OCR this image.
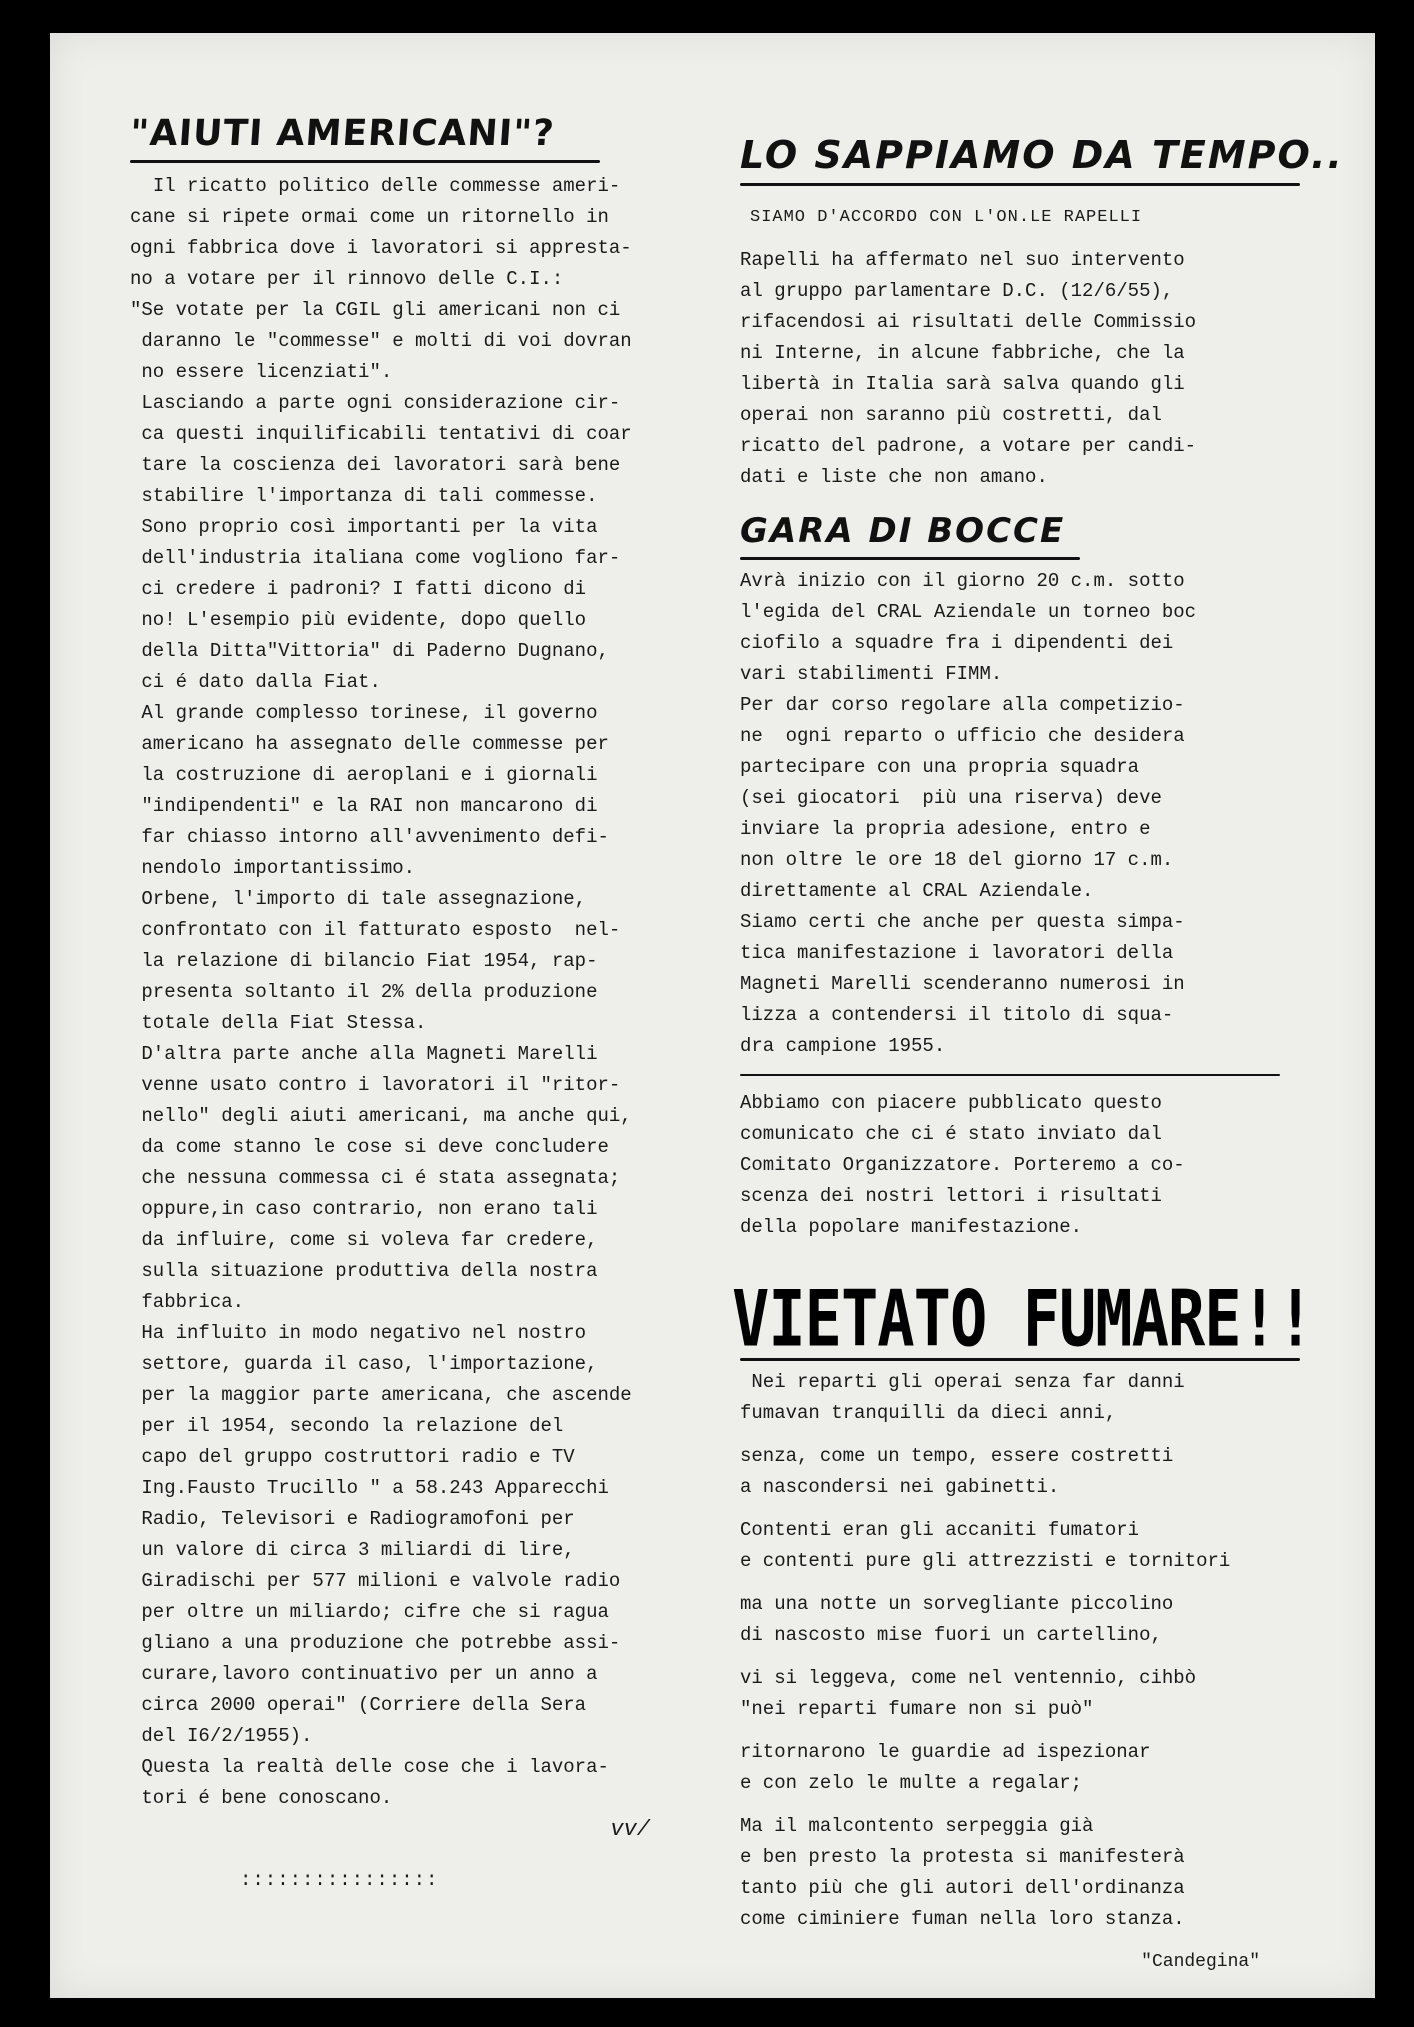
"AIUTI AMERICANI"?
Il ricatto politico delle commesse ameri-
cane si ripete ormai come un ritornello in
ogni fabbrica dove i lavoratori si appresta-
no a votare per il rinnovo delle C.I.:
"Se votate per la CGIL gli americani non ci
daranno le "commesse" e molti di voi dovran
no essere licenziati".
Lasciando a parte ogni considerazione cir-
ca questi inquilificabili tentativi di coar
tare la coscienza dei lavoratori sarà bene
stabilire l'importanza di tali commesse.
Sono proprio così importanti per la vita
dell'industria italiana come vogliono far-
ci credere i padroni? I fatti dicono di
no! L'esempio più evidente, dopo quello
della Ditta"Vittoria" di Paderno Dugnano,
ci é dato dalla Fiat.
Al grande complesso torinese, il governo
americano ha assegnato delle commesse per
la costruzione di aeroplani e i giornali
"indipendenti" e la RAI non mancarono di
far chiasso intorno all'avvenimento defi-
nendolo importantissimo.
Orbene, l'importo di tale assegnazione,
confrontato con il fatturato esposto  nel-
la relazione di bilancio Fiat 1954, rap-
presenta soltanto il 2% della produzione
totale della Fiat Stessa.
D'altra parte anche alla Magneti Marelli
venne usato contro i lavoratori il "ritor-
nello" degli aiuti americani, ma anche qui,
da come stanno le cose si deve concludere
che nessuna commessa ci é stata assegnata;
oppure,in caso contrario, non erano tali
da influire, come si voleva far credere,
sulla situazione produttiva della nostra
fabbrica.
Ha influito in modo negativo nel nostro
settore, guarda il caso, l'importazione,
per la maggior parte americana, che ascende
per il 1954, secondo la relazione del
capo del gruppo costruttori radio e TV
Ing.Fausto Trucillo " a 58.243 Apparecchi
Radio, Televisori e Radiogramofoni per
un valore di circa 3 miliardi di lire,
Giradischi per 577 milioni e valvole radio
per oltre un miliardo; cifre che si ragua
gliano a una produzione che potrebbe assi-
curare,lavoro continuativo per un anno a
circa 2000 operai" (Corriere della Sera
del I6/2/1955).
Questa la realtà delle cose che i lavora-
tori é bene conoscano.
vv/
::::::::::::::::
LO SAPPIAMO DA TEMPO..
SIAMO D'ACCORDO CON L'ON.LE RAPELLI
Rapelli ha affermato nel suo intervento
al gruppo parlamentare D.C. (12/6/55),
rifacendosi ai risultati delle Commissio
ni Interne, in alcune fabbriche, che la
libertà in Italia sarà salva quando gli
operai non saranno più costretti, dal
ricatto del padrone, a votare per candi-
dati e liste che non amano.
GARA DI BOCCE
Avrà inizio con il giorno 20 c.m. sotto
l'egida del CRAL Aziendale un torneo boc
ciofilo a squadre fra i dipendenti dei
vari stabilimenti FIMM.
Per dar corso regolare alla competizio-
ne  ogni reparto o ufficio che desidera
partecipare con una propria squadra
(sei giocatori  più una riserva) deve
inviare la propria adesione, entro e
non oltre le ore 18 del giorno 17 c.m.
direttamente al CRAL Aziendale.
Siamo certi che anche per questa simpa-
tica manifestazione i lavoratori della
Magneti Marelli scenderanno numerosi in
lizza a contendersi il titolo di squa-
dra campione 1955.
Abbiamo con piacere pubblicato questo
comunicato che ci é stato inviato dal
Comitato Organizzatore. Porteremo a co-
scenza dei nostri lettori i risultati
della popolare manifestazione.
VIETATO FUMARE!!
Nei reparti gli operai senza far danni
fumavan tranquilli da dieci anni,
senza, come un tempo, essere costretti
a nascondersi nei gabinetti.
Contenti eran gli accaniti fumatori
e contenti pure gli attrezzisti e tornitori
ma una notte un sorvegliante piccolino
di nascosto mise fuori un cartellino,
vi si leggeva, come nel ventennio, cihbò
"nei reparti fumare non si può"
ritornarono le guardie ad ispezionar
e con zelo le multe a regalar;
Ma il malcontento serpeggia già
e ben presto la protesta si manifesterà
tanto più che gli autori dell'ordinanza
come ciminiere fuman nella loro stanza.
"Candegina"
